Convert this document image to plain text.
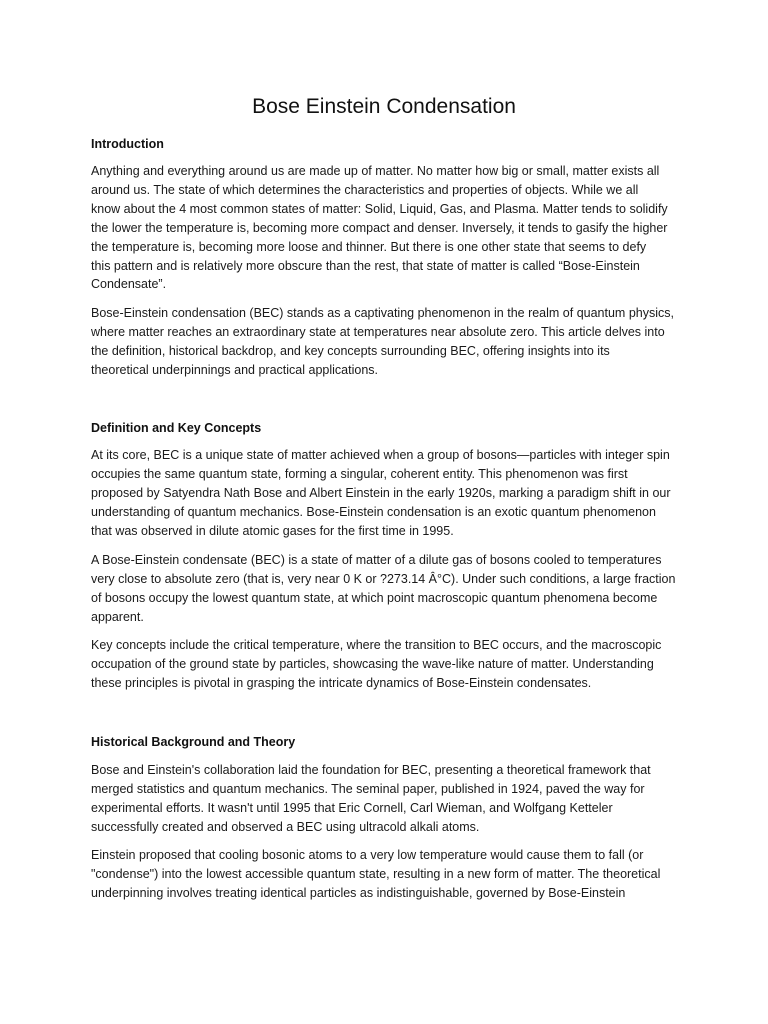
Bose Einstein Condensation
Introduction

Anything and everything around us are made up of matter. No matter how big or small, matter exists all
around us. The state of which determines the characteristics and properties of objects. While we all
know about the 4 most common states of matter: Solid, Liquid, Gas, and Plasma. Matter tends to solidify
the lower the temperature is, becoming more compact and denser. Inversely, it tends to gasify the higher
the temperature is, becoming more loose and thinner. But there is one other state that seems to defy
this pattern and is relatively more obscure than the rest, that state of matter is called “Bose-Einstein
Condensate”.

Bose-Einstein condensation (BEC) stands as a captivating phenomenon in the realm of quantum physics,
where matter reaches an extraordinary state at temperatures near absolute zero. This article delves into
the definition, historical backdrop, and key concepts surrounding BEC, offering insights into its
theoretical underpinnings and practical applications.

Definition and Key Concepts

At its core, BEC is a unique state of matter achieved when a group of bosons—particles with integer spin
occupies the same quantum state, forming a singular, coherent entity. This phenomenon was first
proposed by Satyendra Nath Bose and Albert Einstein in the early 1920s, marking a paradigm shift in our
understanding of quantum mechanics. Bose-Einstein condensation is an exotic quantum phenomenon
that was observed in dilute atomic gases for the first time in 1995.

A Bose-Einstein condensate (BEC) is a state of matter of a dilute gas of bosons cooled to temperatures
very close to absolute zero (that is, very near 0 K or ?273.14 Â°C). Under such conditions, a large fraction
of bosons occupy the lowest quantum state, at which point macroscopic quantum phenomena become
apparent.

Key concepts include the critical temperature, where the transition to BEC occurs, and the macroscopic
occupation of the ground state by particles, showcasing the wave-like nature of matter. Understanding
these principles is pivotal in grasping the intricate dynamics of Bose-Einstein condensates.

Historical Background and Theory

Bose and Einstein's collaboration laid the foundation for BEC, presenting a theoretical framework that
merged statistics and quantum mechanics. The seminal paper, published in 1924, paved the way for
experimental efforts. It wasn't until 1995 that Eric Cornell, Carl Wieman, and Wolfgang Ketteler
successfully created and observed a BEC using ultracold alkali atoms.

Einstein proposed that cooling bosonic atoms to a very low temperature would cause them to fall (or
"condense") into the lowest accessible quantum state, resulting in a new form of matter. The theoretical
underpinning involves treating identical particles as indistinguishable, governed by Bose-Einstein
